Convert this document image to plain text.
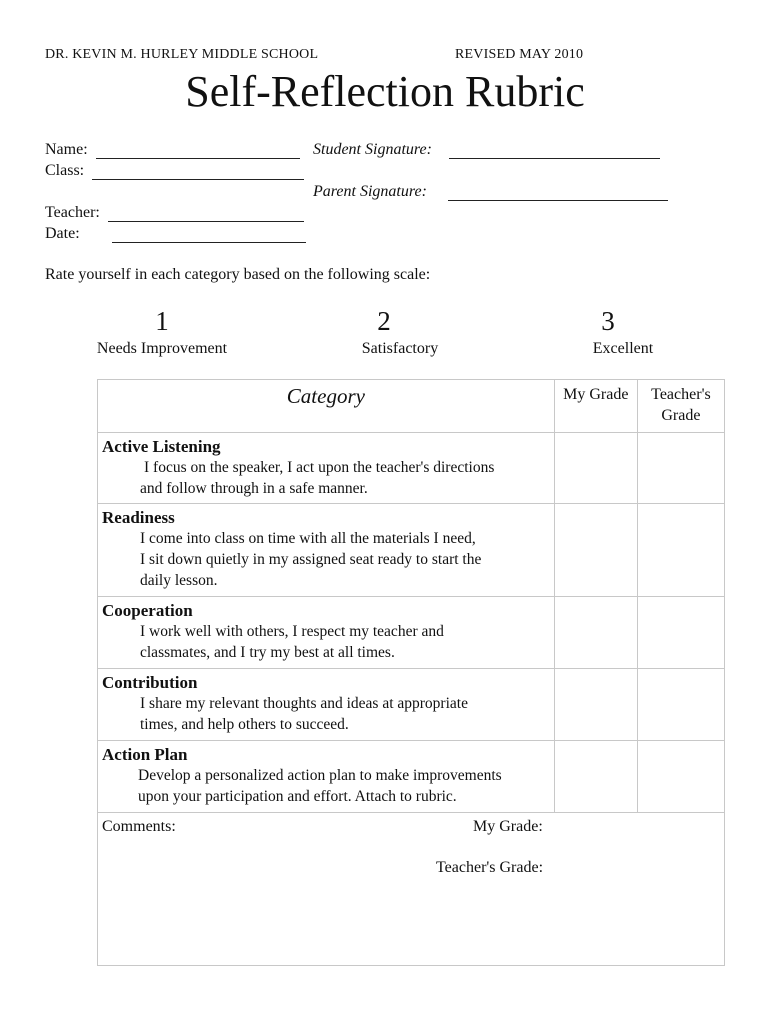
DR. KEVIN M. HURLEY MIDDLE SCHOOL	REVISED MAY 2010
Self-Reflection Rubric
Name:
Class:
Student Signature:
Parent Signature:
Teacher:
Date:
Rate yourself in each category based on the following scale:
1
Needs Improvement
2
Satisfactory
3
Excellent
Category	My Grade	Teacher's
Grade

Active Listening
I focus on the speaker, I act upon the teacher's directions
and follow through in a safe manner.		

Readiness
I come into class on time with all the materials I need,
I sit down quietly in my assigned seat ready to start the
daily lesson.		

Cooperation
I work well with others, I respect my teacher and
classmates, and I try my best at all times.		

Contribution
I share my relevant thoughts and ideas at appropriate
times, and help others to succeed.		

Action Plan
Develop a personalized action plan to make improvements
upon your participation and effort. Attach to rubric.		

Comments: My Grade:
Teacher's Grade:		
